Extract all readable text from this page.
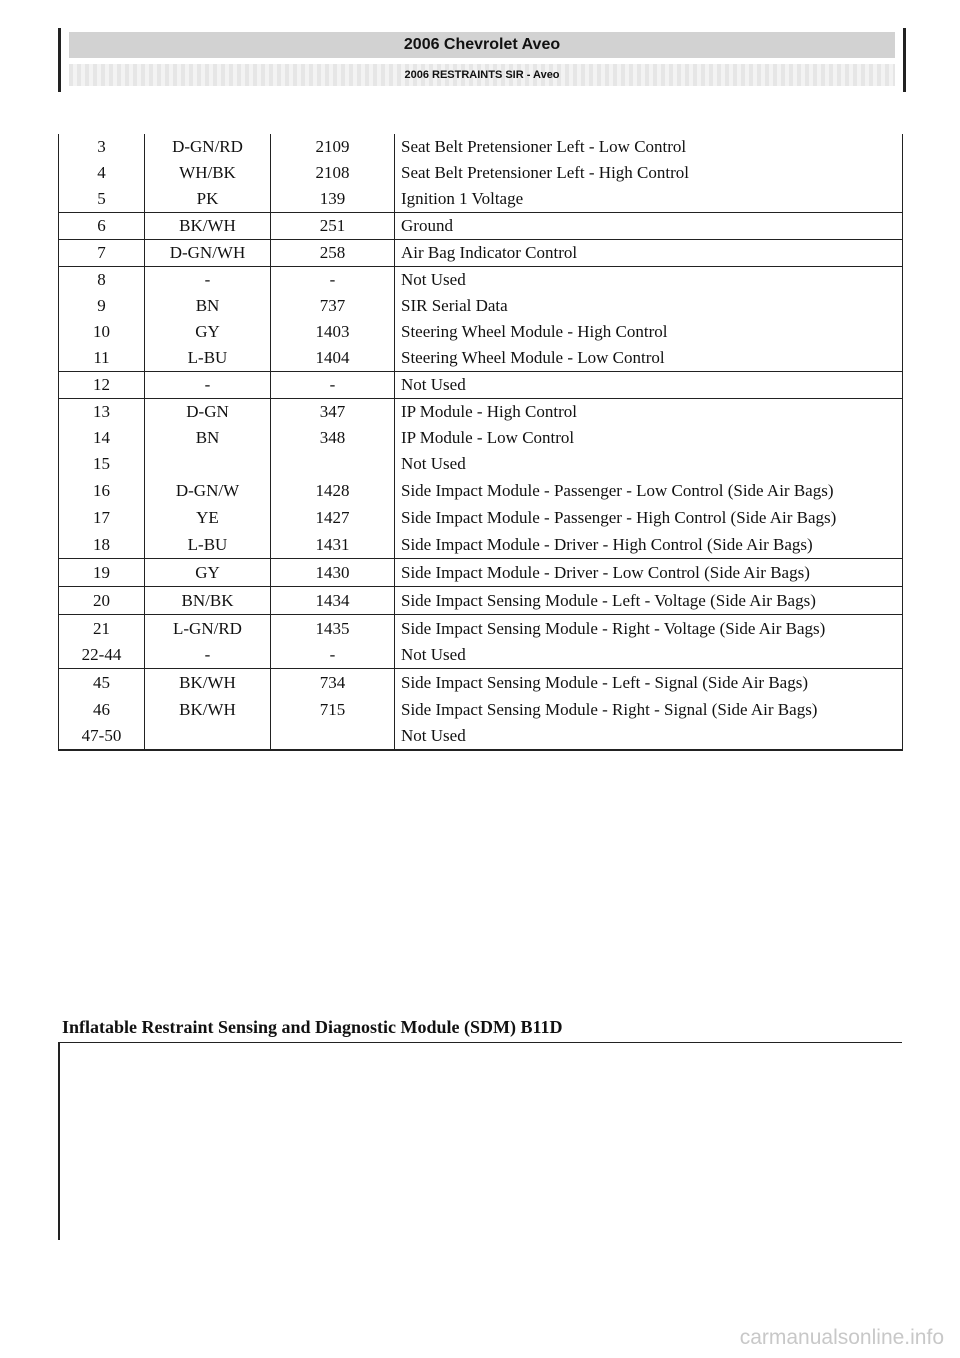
2006 Chevrolet Aveo
2006 RESTRAINTS SIR - Aveo
3	D-GN/RD	2109	Seat Belt Pretensioner Left - Low Control
4	WH/BK	2108	Seat Belt Pretensioner Left - High Control
5	PK	139	Ignition 1 Voltage
6	BK/WH	251	Ground
7	D-GN/WH	258	Air Bag Indicator Control
8	-	-	Not Used
9	BN	737	SIR Serial Data
10	GY	1403	Steering Wheel Module - High Control
11	L-BU	1404	Steering Wheel Module - Low Control
12	-	-	Not Used
13	D-GN	347	IP Module - High Control
14	BN	348	IP Module - Low Control
15			Not Used
16	D-GN/W	1428	Side Impact Module - Passenger - Low Control (Side Air Bags)
17	YE	1427	Side Impact Module - Passenger - High Control (Side Air Bags)
18	L-BU	1431	Side Impact Module - Driver - High Control (Side Air Bags)
19	GY	1430	Side Impact Module - Driver - Low Control (Side Air Bags)
20	BN/BK	1434	Side Impact Sensing Module - Left - Voltage (Side Air Bags)
21	L-GN/RD	1435	Side Impact Sensing Module - Right - Voltage (Side Air Bags)
22-44	-	-	Not Used
45	BK/WH	734	Side Impact Sensing Module - Left - Signal (Side Air Bags)
46	BK/WH	715	Side Impact Sensing Module - Right - Signal (Side Air Bags)
47-50			Not Used
Inflatable Restraint Sensing and Diagnostic Module (SDM) B11D
carmanualsonline.info
